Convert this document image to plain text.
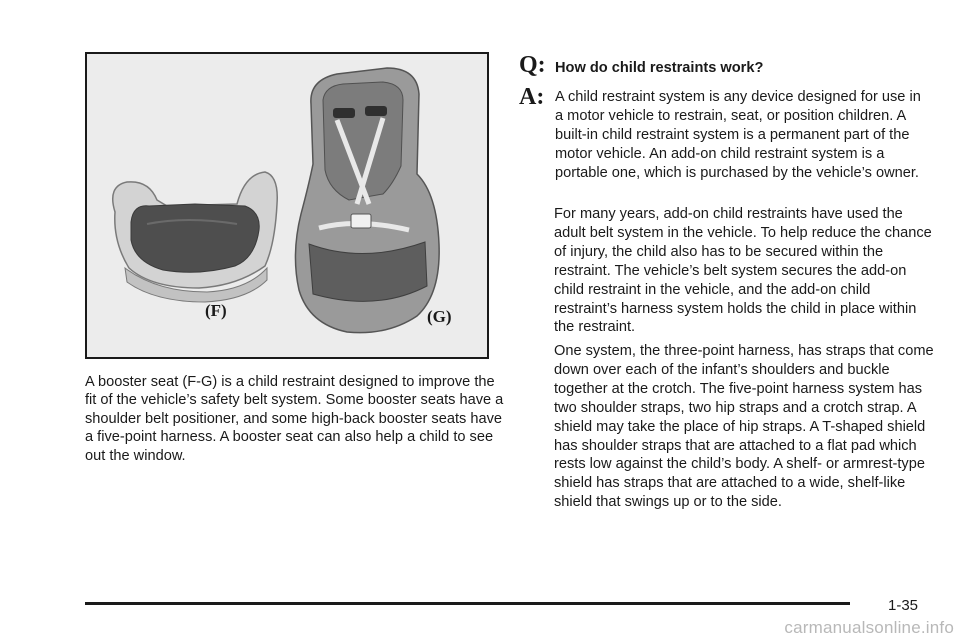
(F)	(G)

A booster seat (F-G) is a child restraint designed to improve the fit of the vehicle’s safety belt system. Some booster seats have a shoulder belt positioner, and some high-back booster seats have a five-point harness. A booster seat can also help a child to see out the window.

Q: How do child restraints work?
A: A child restraint system is any device designed for use in a motor vehicle to restrain, seat, or position children. A built-in child restraint system is a permanent part of the motor vehicle. An add-on child restraint system is a portable one, which is purchased by the vehicle’s owner.

For many years, add-on child restraints have used the adult belt system in the vehicle. To help reduce the chance of injury, the child also has to be secured within the restraint. The vehicle’s belt system secures the add-on child restraint in the vehicle, and the add-on child restraint’s harness system holds the child in place within the restraint.

One system, the three-point harness, has straps that come down over each of the infant’s shoulders and buckle together at the crotch. The five-point harness system has two shoulder straps, two hip straps and a crotch strap. A shield may take the place of hip straps. A T-shaped shield has shoulder straps that are attached to a flat pad which rests low against the child’s body. A shelf- or armrest-type shield has straps that are attached to a wide, shelf-like shield that swings up or to the side.

1-35
carmanualsonline.info
